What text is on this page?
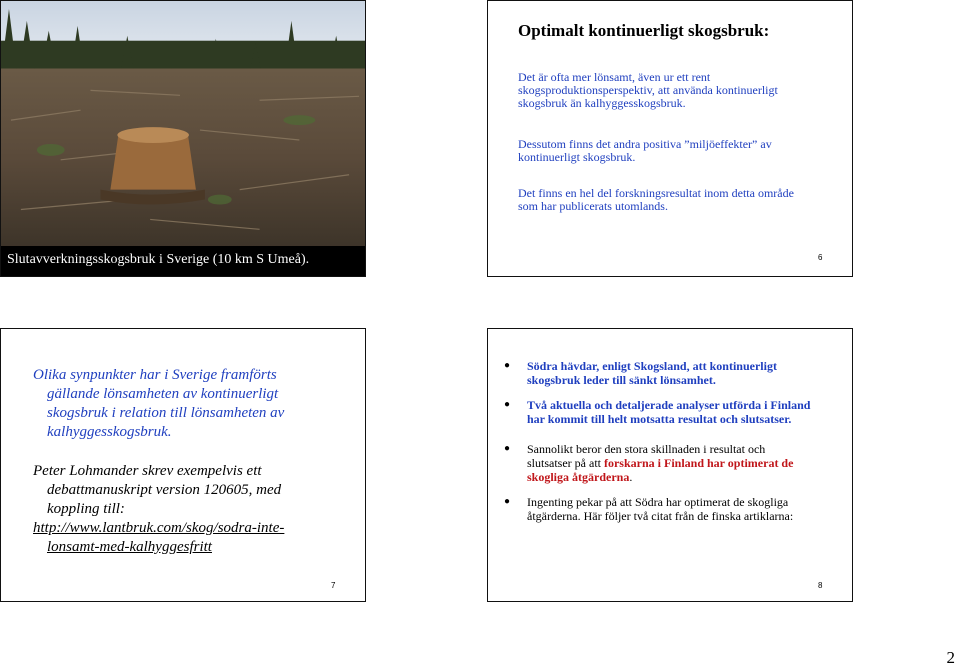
Slutavverkningsskogsbruk i Sverige (10 km S Umeå).
Optimalt kontinuerligt skogsbruk:
Det är ofta mer lönsamt, även ur ett rent
skogsproduktionsperspektiv, att använda kontinuerligt
skogsbruk än kalhyggesskogsbruk.
Dessutom finns det andra positiva ”miljöeffekter” av
kontinuerligt skogsbruk.
Det finns en hel del forskningsresultat inom detta område
som har publicerats utomlands.
6
Olika synpunkter har i Sverige framförts
gällande lönsamheten av kontinuerligt
skogsbruk i relation till lönsamheten av
kalhyggesskogsbruk.
Peter Lohmander skrev exempelvis ett
debattmanuskript version 120605, med
koppling till:
http://www.lantbruk.com/skog/sodra-inte-
lonsamt-med-kalhyggesfritt
7
● Södra hävdar, enligt Skogsland, att kontinuerligt
skogsbruk leder till sänkt lönsamhet.
● Två aktuella och detaljerade analyser utförda i Finland
har kommit till helt motsatta resultat och slutsatser.
● Sannolikt beror den stora skillnaden i resultat och
slutsatser på att forskarna i Finland har optimerat de
skogliga åtgärderna.
● Ingenting pekar på att Södra har optimerat de skogliga
åtgärderna. Här följer två citat från de finska artiklarna:
8
2
